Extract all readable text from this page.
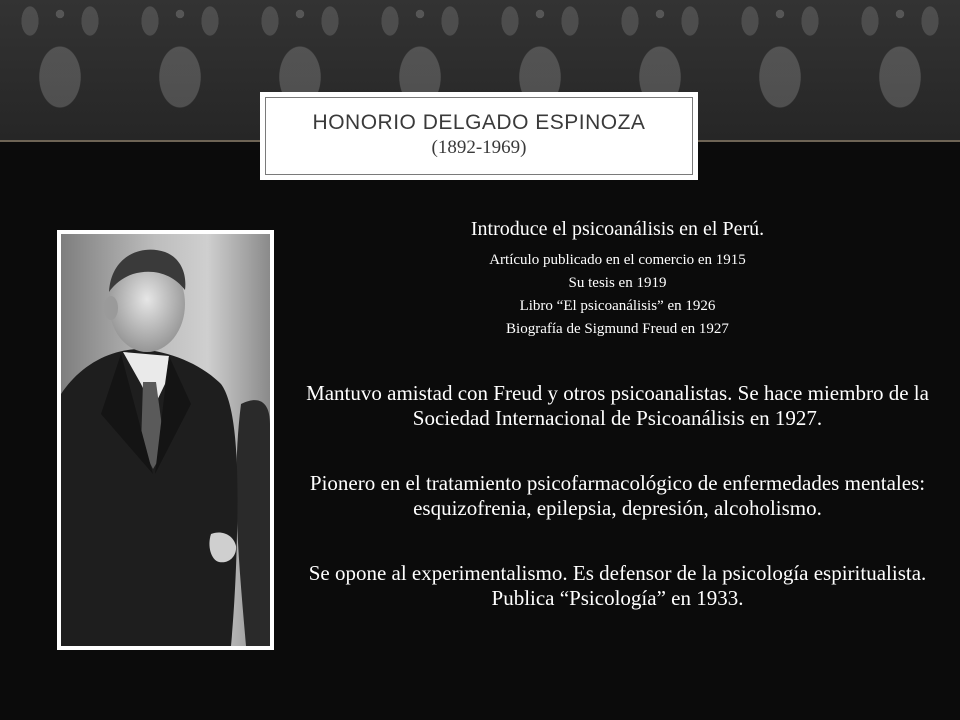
HONORIO DELGADO ESPINOZA
(1892-1969)
Introduce el psicoanálisis en el Perú.
Artículo publicado en el comercio en 1915
Su tesis en 1919
Libro “El psicoanálisis” en 1926
Biografía de Sigmund Freud en 1927

Mantuvo amistad con Freud y otros psicoanalistas. Se hace miembro de la Sociedad Internacional de Psicoanálisis en 1927.

Pionero en el tratamiento psicofarmacológico de enfermedades mentales: esquizofrenia, epilepsia, depresión, alcoholismo.

Se opone al experimentalismo. Es defensor de la psicología espiritualista. Publica “Psicología” en 1933.
